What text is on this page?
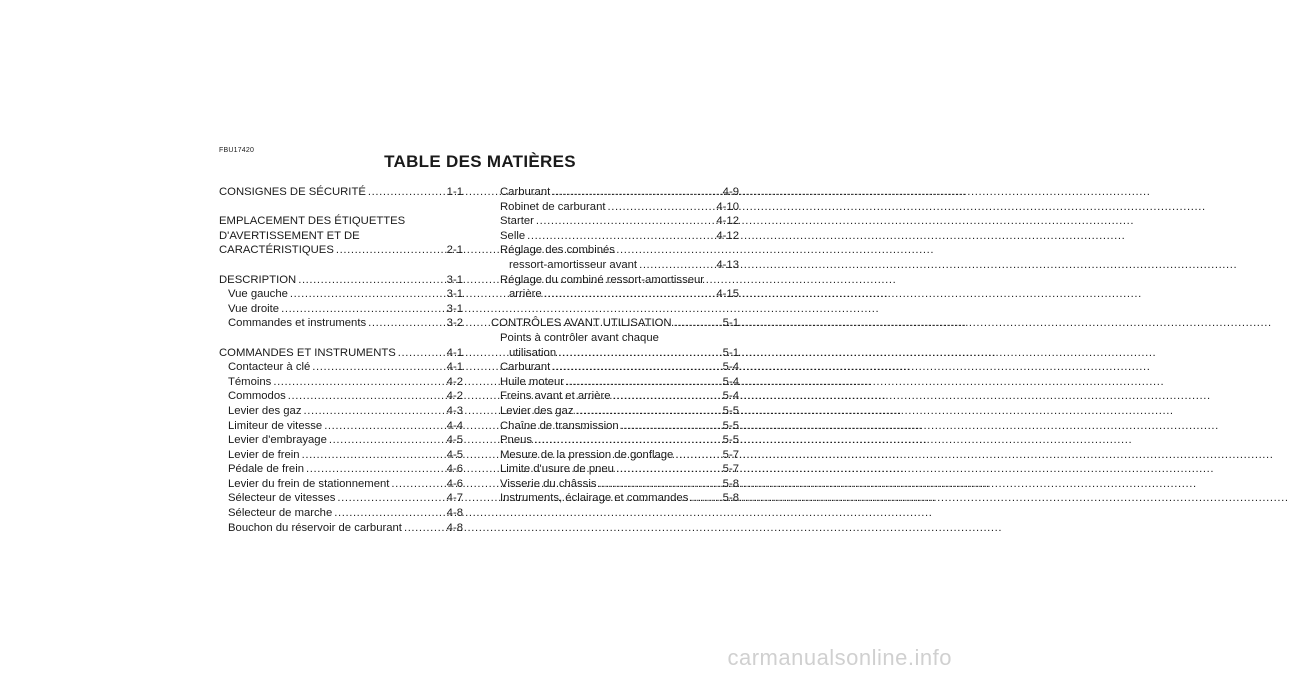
FBU17420
TABLE DES MATIÈRES
CONSIGNES DE SÉCURITÉ .....	1-1
EMPLACEMENT DES ÉTIQUETTES
D'AVERTISSEMENT ET DE
CARACTÉRISTIQUES .....	2-1
DESCRIPTION .....	3-1
Vue gauche .....	3-1
Vue droite .....	3-1
Commandes et instruments .....	3-2
COMMANDES ET INSTRUMENTS .....	4-1
Contacteur à clé .....	4-1
Témoins .....	4-2
Commodos .....	4-2
Levier des gaz .....	4-3
Limiteur de vitesse .....	4-4
Levier d'embrayage .....	4-5
Levier de frein .....	4-5
Pédale de frein .....	4-6
Levier du frein de stationnement .....	4-6
Sélecteur de vitesses .....	4-7
Sélecteur de marche .....	4-8
Bouchon du réservoir de carburant .....	4-8
Carburant .....	4-9
Robinet de carburant .....	4-10
Starter .....	4-12
Selle .....	4-12
Réglage des combinés
ressort-amortisseur avant .....	4-13
Réglage du combiné ressort-amortisseur
arrière .....	4-15
CONTRÔLES AVANT UTILISATION .....	5-1
Points à contrôler avant chaque
utilisation .....	5-1
Carburant .....	5-4
Huile moteur .....	5-4
Freins avant et arrière .....	5-4
Levier des gaz .....	5-5
Chaîne de transmission .....	5-5
Pneus .....	5-5
Mesure de la pression de gonflage .....	5-7
Limite d'usure de pneu .....	5-7
Visserie du châssis .....	5-8
Instruments, éclairage et commandes .....	5-8
carmanualsonline.info
